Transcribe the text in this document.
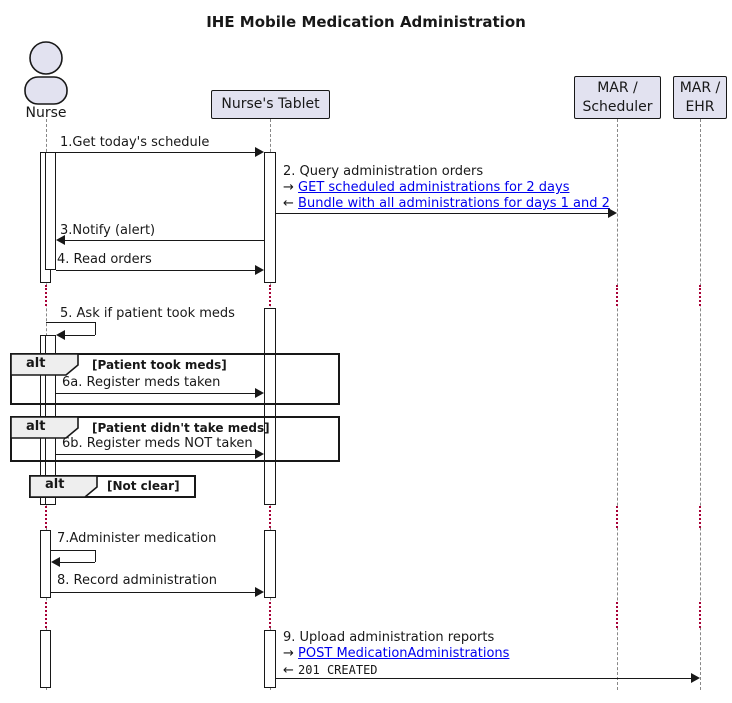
IHE Mobile Medication Administration
Nurse
Nurse's Tablet
MAR /
Scheduler
MAR /
EHR
1.Get today's schedule
2. Query administration orders
→ GET scheduled administrations for 2 days
← Bundle with all administrations for days 1 and 2
3.Notify (alert)
4. Read orders
5. Ask if patient took meds
alt	[Patient took meds]
6a. Register meds taken
alt	[Patient didn't take meds]
6b. Register meds NOT taken
alt	[Not clear]
7.Administer medication
8. Record administration
9. Upload administration reports
→ POST MedicationAdministrations
← 201 CREATED
